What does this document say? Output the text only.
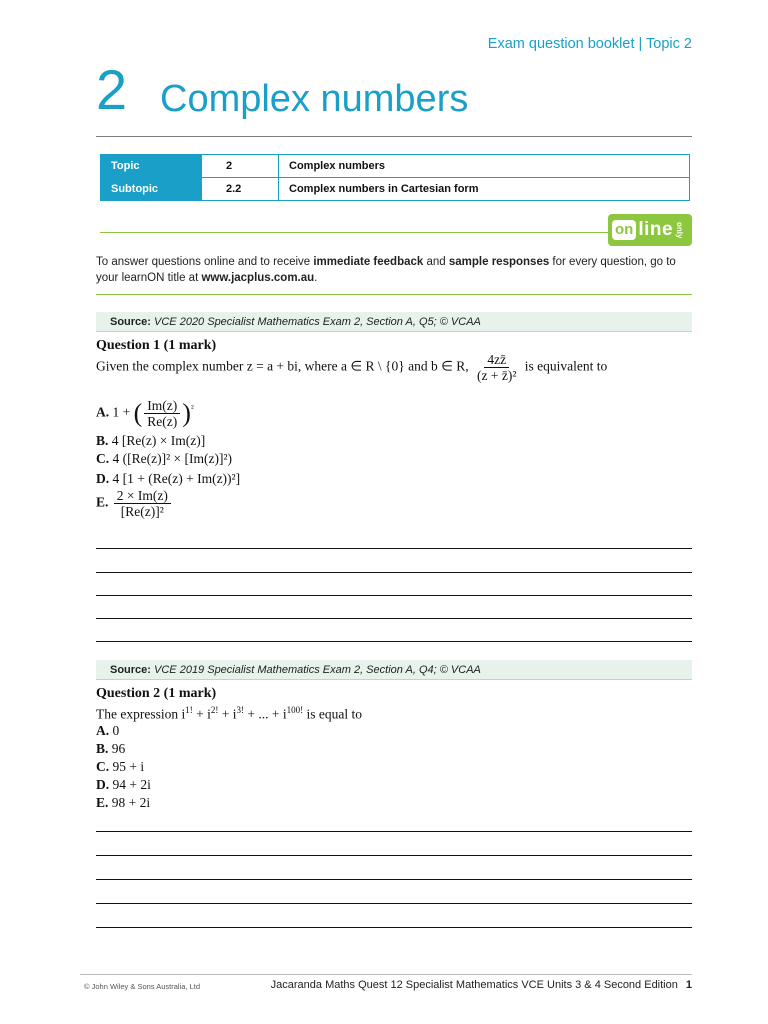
Exam question booklet | Topic 2
2 Complex numbers
Topic	2	Complex numbers
Subtopic	2.2	Complex numbers in Cartesian form
on line only
To answer questions online and to receive immediate feedback and sample responses for every question, go to your learnON title at www.jacplus.com.au.
Source: VCE 2020 Specialist Mathematics Exam 2, Section A, Q5; © VCAA
Question 1 (1 mark)
Given the complex number z = a + bi, where a ∈ R \ {0} and b ∈ R, $\frac{4zz̄}{\text{(z + z̄)²}}$ is equivalent to
A. 1 + ( $\frac{Im(z)}{Re(z)} )^{^2}$
B. 4 [Re(z) × Im(z)]
C. 4 ([Re(z)]² × [Im(z)]²)
D. 4 [1 + (Re(z) + Im(z))²]
E. $\frac{2 \times Im(z)}{\text{[Re(z)]²}}$
Source: VCE 2019 Specialist Mathematics Exam 2, Section A, Q4; © VCAA
Question 2 (1 mark)
The expression $i^{1!} + i^{2!} + i^{3!}$ + ... + $i^{100!}$ is equal to
A. 0
B. 96
C. 95 + i
D. 94 + 2i
E. 98 + 2i
© John Wiley & Sons Australia, Ltd	Jacaranda Maths Quest 12 Specialist Mathematics VCE Units 3 & 4 Second Edition 1
